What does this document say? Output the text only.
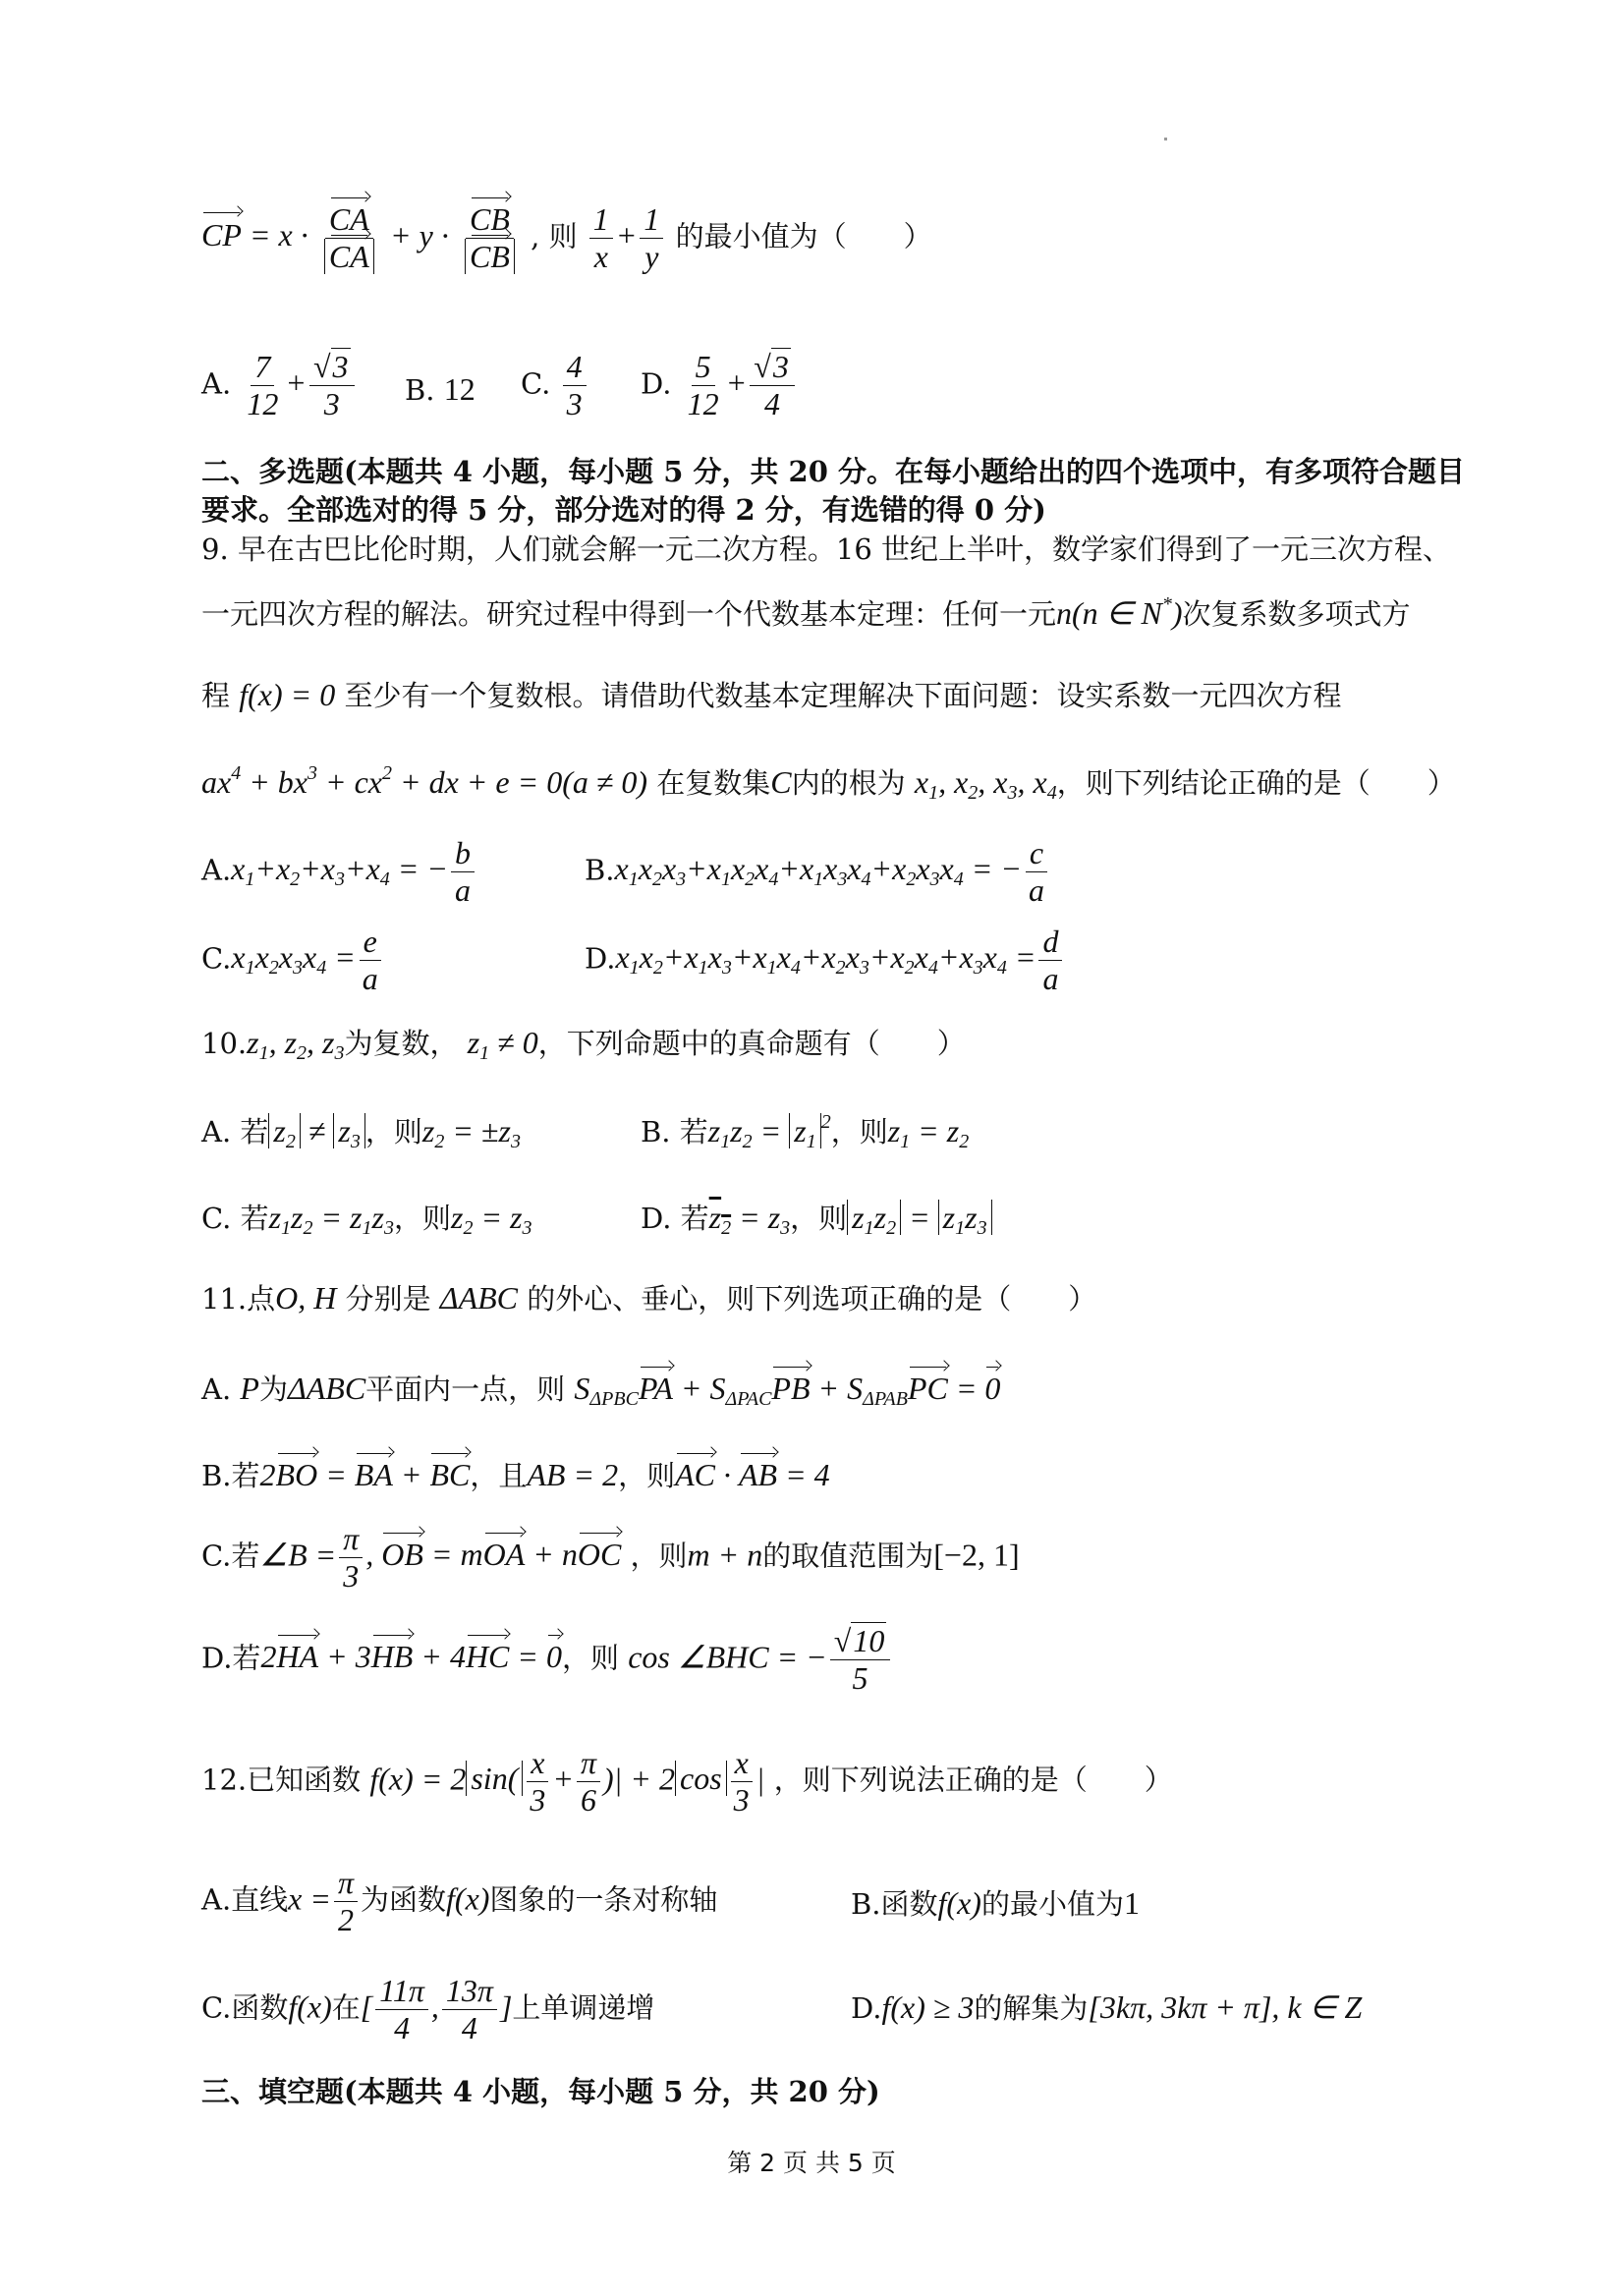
CP = $x \cdot \frac{CA}{CA} + y \cdot \frac{CB}{CB}$ , 则 $\frac{1}{x} + \frac{1}{y}$ 的最小值为（　　）
A. $\frac{7}{12} + \frac{√3}{3} B$. 12 C. $\frac{4}{3} D$. $\frac{5}{12} + \frac{√3}{4}$
二、多选题(本题共 4 小题，每小题 5 分，共 20 分。在每小题给出的四个选项中，有多项符合题目
要求。全部选对的得 5 分，部分选对的得 2 分，有选错的得 0 分)
9. 早在古巴比伦时期，人们就会解一元二次方程。16 世纪上半叶，数学家们得到了一元三次方程、
一元四次方程的解法。研究过程中得到一个代数基本定理：任何一元n(n ∈ N*)次复系数多项式方
程 f(x) = 0 至少有一个复数根。请借助代数基本定理解决下面问题：设实系数一元四次方程
$ax^4 + bx^3 + cx^2$ + dx + e = 0(a ≠ 0) 在复数集C内的根为 $x_1$, $x_2$, $x_3$, $x_4$，则下列结论正确的是（　　）
$A.x_1+x_2+x_3+x_4$ = − $\frac{b}{a}$	$B.x_1x_2x_3+x_1x_2x_4+x_1x_3x_4+x_2x_3x_4$ = − $\frac{c}{a}$
$C.x_1x_2x_3x_4 = \frac{e}{a}$	$D.x_1x_2+x_1x_3+x_1x_4+x_2x_3+x_2x_4+x_3x_4 = \frac{d}{a}$
$10.z_1$, $z_2$, $z_3$为复数， $z_1 \ne 0$，下列命题中的真命题有（　　）
A. 若 $z_2 \ne z_3$ ，则$z_2 = \pm z_3$	B. 若$z_1z_2 = z_1^2$，则$z_1 = z_2$
C. 若$z_1z_2 = z_1z_3$，则$z_2 = z_3$	D. 若$z_2 = z_3$，则 $z_1z_2 = z_1z_3$
11.点O, H 分别是 ΔABC 的外心、垂心，则下列选项正确的是（　　）
A. P为ΔABC平面内一点，则 $S_{\Delta PBC}PA + S_{\Delta PAC}PB + S_{\Delta PAB}PC = 0$
B.若2BO = BA + BC，且AB = 2，则AC · AB = 4
C.若∠B = $\frac{\pi}{3}$ , OB = mOA + nOC ，则m + n的取值范围为[−2, 1]
D.若2HA + 3HB + 4HC = 0，则 cos ∠BHC = − $\frac{√10}{5}$
12.已知函数 f(x) = 2 $\sin( \frac{x}{3} + \frac{\pi}{6}$ )| + 2 $\cos \frac{x}{3}$ | ，则下列说法正确的是（　　）
A.直线$x = \frac{\pi}{2}$ 为函数f(x)图象的一条对称轴	B.函数f(x)的最小值为1
C.函数f(x)在[ $\frac{11\pi}{4}$ , $\frac{13\pi}{4}$ ]上单调递增	D.f(x) ≥ 3的解集为[3kπ, 3kπ + π], k ∈ Z
三、填空题(本题共 4 小题，每小题 5 分，共 20 分)
第 2 页 共 5 页
